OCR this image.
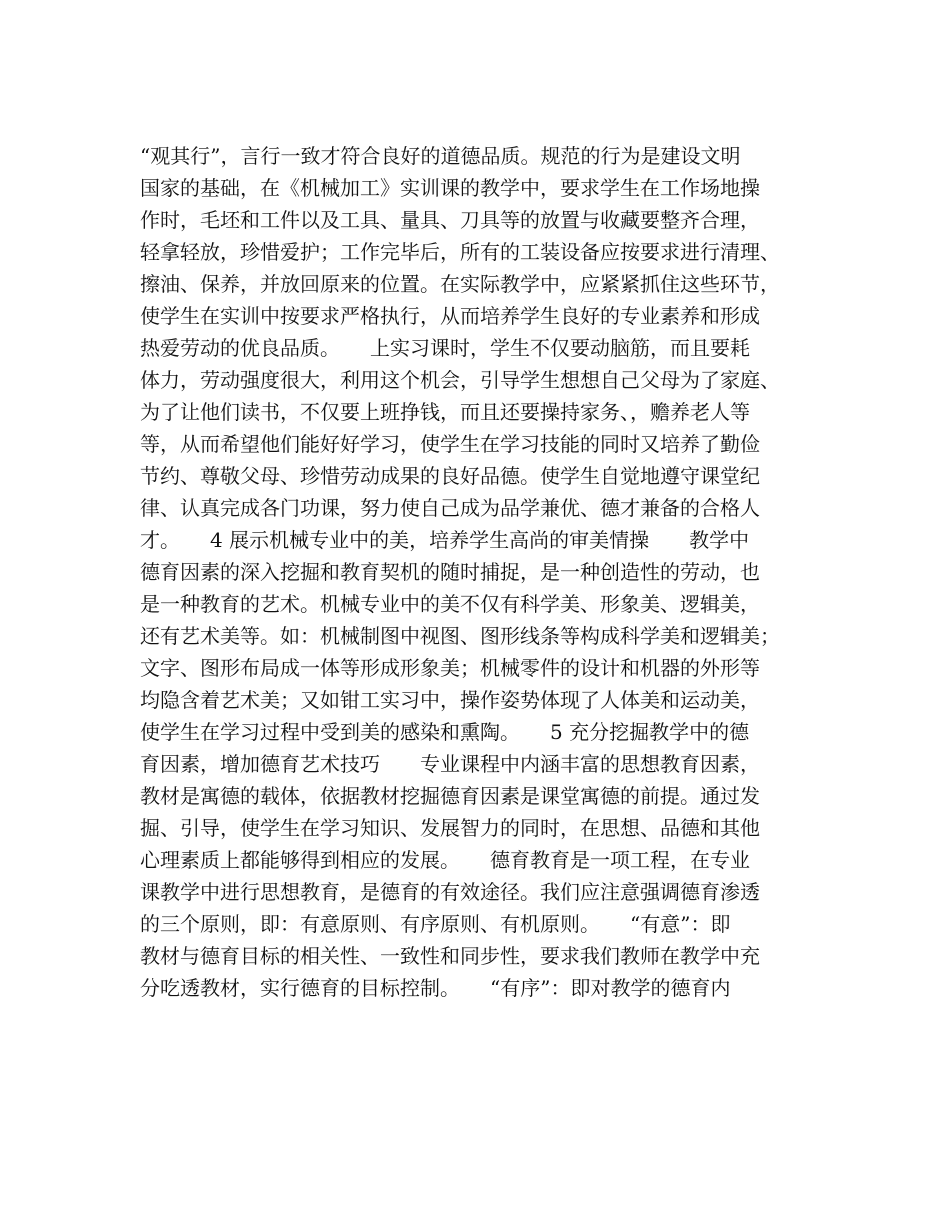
“观其行”，言行一致才符合良好的道德品质。规范的行为是建设文明
国家的基础，在《机械加工》实训课的教学中，要求学生在工作场地操
作时，毛坯和工件以及工具、量具、刀具等的放置与收藏要整齐合理，
轻拿轻放，珍惜爱护；工作完毕后，所有的工装设备应按要求进行清理、
擦油、保养，并放回原来的位置。在实际教学中，应紧紧抓住这些环节，
使学生在实训中按要求严格执行，从而培养学生良好的专业素养和形成
热爱劳动的优良品质。　　上实习课时，学生不仅要动脑筋，而且要耗
体力，劳动强度很大，利用这个机会，引导学生想想自己父母为了家庭、
为了让他们读书，不仅要上班挣钱，而且还要操持家务、，赡养老人等
等，从而希望他们能好好学习，使学生在学习技能的同时又培养了勤俭
节约、尊敬父母、珍惜劳动成果的良好品德。使学生自觉地遵守课堂纪
律、认真完成各门功课，努力使自己成为品学兼优、德才兼备的合格人
才。　　4 展示机械专业中的美，培养学生高尚的审美情操　　教学中
德育因素的深入挖掘和教育契机的随时捕捉，是一种创造性的劳动，也
是一种教育的艺术。机械专业中的美不仅有科学美、形象美、逻辑美，
还有艺术美等。如：机械制图中视图、图形线条等构成科学美和逻辑美；
文字、图形布局成一体等形成形象美；机械零件的设计和机器的外形等
均隐含着艺术美；又如钳工实习中，操作姿势体现了人体美和运动美，
使学生在学习过程中受到美的感染和熏陶。　　5 充分挖掘教学中的德
育因素，增加德育艺术技巧　　专业课程中内涵丰富的思想教育因素，
教材是寓德的载体，依据教材挖掘德育因素是课堂寓德的前提。通过发
掘、引导，使学生在学习知识、发展智力的同时，在思想、品德和其他
心理素质上都能够得到相应的发展。　　德育教育是一项工程，在专业
课教学中进行思想教育，是德育的有效途径。我们应注意强调德育渗透
的三个原则，即：有意原则、有序原则、有机原则。　　“有意”：即
教材与德育目标的相关性、一致性和同步性，要求我们教师在教学中充
分吃透教材，实行德育的目标控制。　　“有序”：即对教学的德育内
